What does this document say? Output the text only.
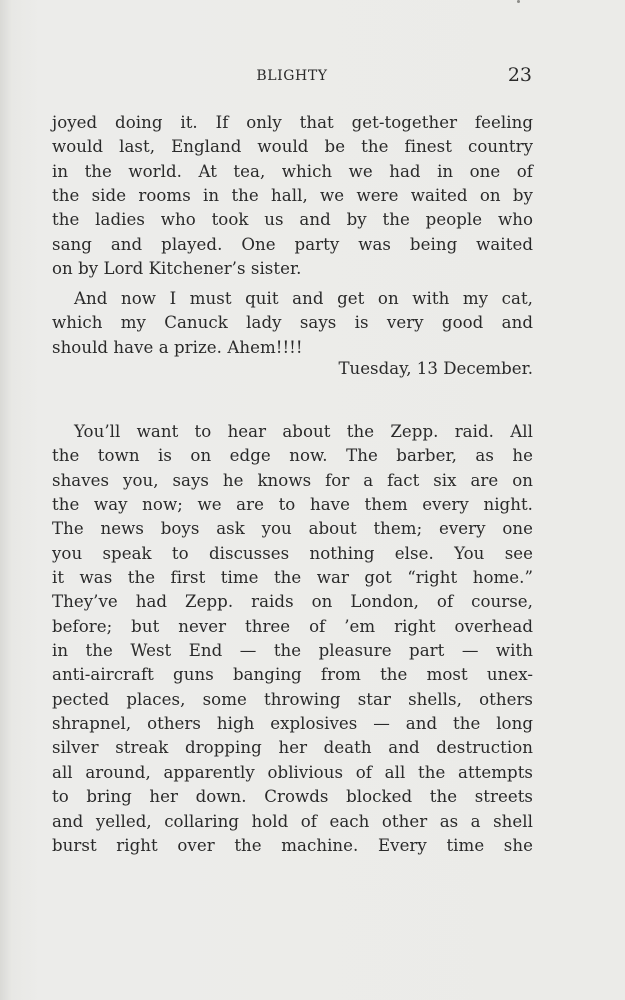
BLIGHTY	23
joyed doing it. If only that get-together feeling
would last, England would be the finest country
in the world. At tea, which we had in one of
the side rooms in the hall, we were waited on by
the ladies who took us and by the people who
sang and played. One party was being waited
on by Lord Kitchener’s sister.
And now I must quit and get on with my cat,
which my Canuck lady says is very good and
should have a prize. Ahem!!!!
Tuesday, 13 December.
You’ll want to hear about the Zepp. raid. All
the town is on edge now. The barber, as he
shaves you, says he knows for a fact six are on
the way now; we are to have them every night.
The news boys ask you about them; every one
you speak to discusses nothing else. You see
it was the first time the war got “right home.”
They’ve had Zepp. raids on London, of course,
before; but never three of ’em right overhead
in the West End — the pleasure part — with
anti-aircraft guns banging from the most unex-
pected places, some throwing star shells, others
shrapnel, others high explosives — and the long
silver streak dropping her death and destruction
all around, apparently oblivious of all the attempts
to bring her down. Crowds blocked the streets
and yelled, collaring hold of each other as a shell
burst right over the machine. Every time she
